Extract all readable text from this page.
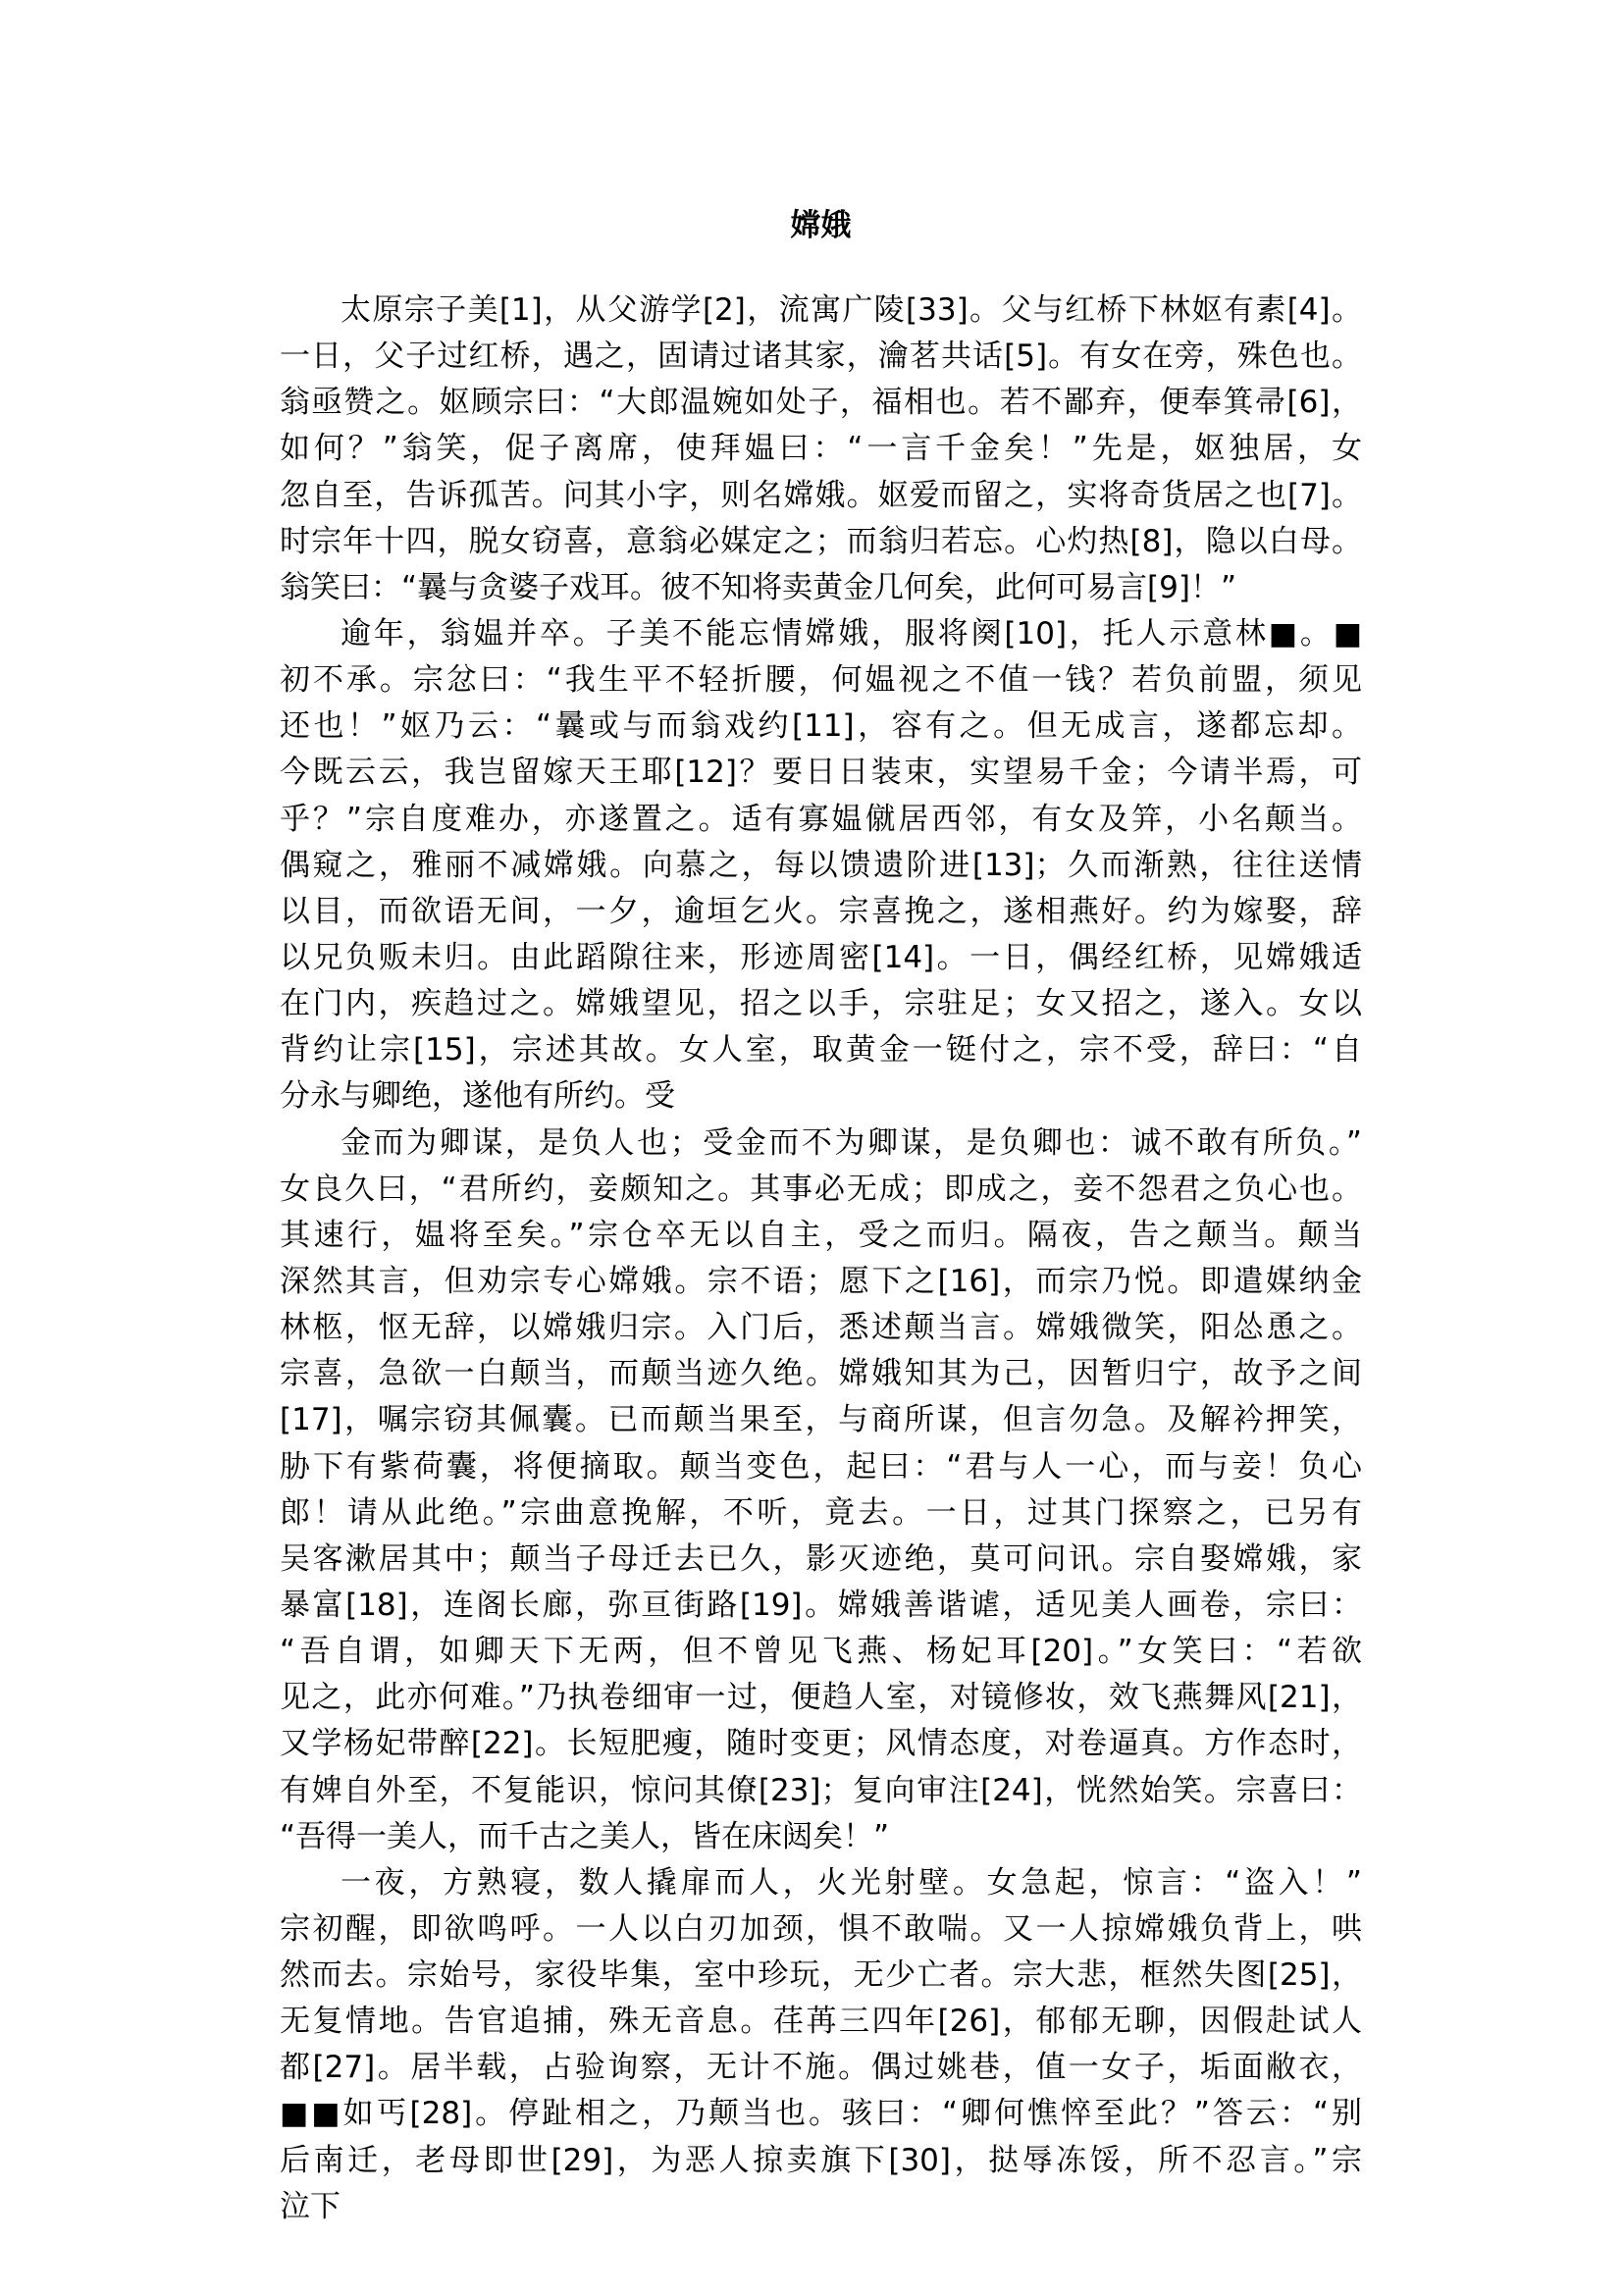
嫦娥
太原宗子美[1]，从父游学[2]，流寓广陵[33]。父与红桥下林妪有素[4]。
一日，父子过红桥，遇之，固请过诸其家，瀹茗共话[5]。有女在旁，殊色也。
翁亟赞之。妪顾宗曰：“大郎温婉如处子，福相也。若不鄙弃，便奉箕帚[6]，
如何？”翁笑，促子离席，使拜媪曰：“一言千金矣！”先是，妪独居，女
忽自至，告诉孤苦。问其小字，则名嫦娥。妪爱而留之，实将奇货居之也[7]。
时宗年十四，脱女窃喜，意翁必媒定之；而翁归若忘。心灼热[8]，隐以白母。
翁笑曰：“曩与贪婆子戏耳。彼不知将卖黄金几何矣，此何可易言[9]！”
逾年，翁媪并卒。子美不能忘情嫦娥，服将阕[10]，托人示意林■。■
初不承。宗忿曰：“我生平不轻折腰，何媪视之不值一钱？若负前盟，须见
还也！”妪乃云：“曩或与而翁戏约[11]，容有之。但无成言，遂都忘却。
今既云云，我岂留嫁天王耶[12]？要日日装束，实望易千金；今请半焉，可
乎？”宗自度难办，亦遂置之。适有寡媪僦居西邻，有女及笄，小名颠当。
偶窥之，雅丽不减嫦娥。向慕之，每以馈遗阶进[13]；久而渐熟，往往送情
以目，而欲语无间，一夕，逾垣乞火。宗喜挽之，遂相燕好。约为嫁娶，辞
以兄负贩未归。由此蹈隙往来，形迹周密[14]。一日，偶经红桥，见嫦娥适
在门内，疾趋过之。嫦娥望见，招之以手，宗驻足；女又招之，遂入。女以
背约让宗[15]，宗述其故。女人室，取黄金一铤付之，宗不受，辞曰：“自
分永与卿绝，遂他有所约。受
金而为卿谋，是负人也；受金而不为卿谋，是负卿也：诚不敢有所负。”
女良久曰，“君所约，妾颇知之。其事必无成；即成之，妾不怨君之负心也。
其速行，媪将至矣。”宗仓卒无以自主，受之而归。隔夜，告之颠当。颠当
深然其言，但劝宗专心嫦娥。宗不语；愿下之[16]，而宗乃悦。即遣媒纳金
林柩，怄无辞，以嫦娥归宗。入门后，悉述颠当言。嫦娥微笑，阳怂恿之。
宗喜，急欲一白颠当，而颠当迹久绝。嫦娥知其为己，因暂归宁，故予之间
[17]，嘱宗窃其佩囊。已而颠当果至，与商所谋，但言勿急。及解衿押笑，
胁下有紫荷囊，将便摘取。颠当变色，起曰：“君与人一心，而与妾！负心
郎！请从此绝。”宗曲意挽解，不听，竟去。一日，过其门探察之，已另有
吴客漱居其中；颠当子母迁去已久，影灭迹绝，莫可问讯。宗自娶嫦娥，家
暴富[18]，连阁长廊，弥亘街路[19]。嫦娥善谐谑，适见美人画卷，宗曰：
“吾自谓，如卿天下无两，但不曾见飞燕、杨妃耳[20]。”女笑曰：“若欲
见之，此亦何难。”乃执卷细审一过，便趋人室，对镜修妆，效飞燕舞风[21]，
又学杨妃带醉[22]。长短肥瘦，随时变更；风情态度，对卷逼真。方作态时，
有婢自外至，不复能识，惊问其僚[23]；复向审注[24]，恍然始笑。宗喜曰：
“吾得一美人，而千古之美人，皆在床闼矣！”
一夜，方熟寝，数人撬扉而人，火光射壁。女急起，惊言：“盗入！”
宗初醒，即欲鸣呼。一人以白刃加颈，惧不敢喘。又一人掠嫦娥负背上，哄
然而去。宗始号，家役毕集，室中珍玩，无少亡者。宗大悲，框然失图[25]，
无复情地。告官追捕，殊无音息。荏苒三四年[26]，郁郁无聊，因假赴试人
都[27]。居半载，占验询察，无计不施。偶过姚巷，值一女子，垢面敝衣，
■■如丐[28]。停趾相之，乃颠当也。骇曰：“卿何憔悴至此？”答云：“别
后南迁，老母即世[29]，为恶人掠卖旗下[30]，挞辱冻馁，所不忍言。”宗
泣下
